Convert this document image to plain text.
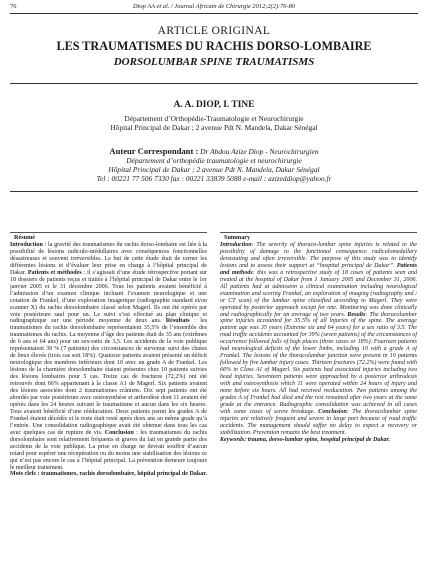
76	Diop AA et al. / Journal Africain de Chirurgie 2012;2(2):76-80
ARTICLE ORIGINAL
LES TRAUMATISMES DU RACHIS DORSO-LOMBAIRE
DORSOLUMBAR SPINE TRAUMATISMS
A. A. DIOP, I. TINE
Département d’Orthopédie-Traumatologie et Neurochirurgie
Hôpital Principal de Dakar ; 2 avenue Pdt N. Mandela, Dakar Sénégal
Auteur Correspondant : Dr Abdou Azize Diop - Neurochirurgien
Département d’orthopédie traumatologie et neurochirurgie
Hôpital Principal de Dakar ; 2 avenue Pdt N. Mandela, Dakar Sénégal
Tel : 00221 77 506 7330 fax : 00221 33839 5088 e-mail : azizeddiop@yahoo.fr
Résumé

Introduction : la gravité des traumatismes du rachis dorso-lombaire est liée à la possibilité de lésions radiculo-médullaires avec conséquences fonctionnelles désastreuses et souvent irréversibles. Le but de cette étude était de cerner les différentes lésions et d’évaluer leur prise en charge à l’hôpital principal de Dakar. Patients et méthodes : il s’agissait d’une étude rétrospective portant sur 18 dossiers de patients reçus et traités à l’hôpital principal de Dakar entre le 1er janvier 2005 et le 31 décembre 2006. Tous les patients avaient bénéficié à l’admission d’un examen clinique incluant l’examen neurologique et une cotation de Frankel, d’une exploration imagerique (radiographie standard et/ou scanner X) du rachis dorsolombaire classé selon Magerl. Ils ont été opérés par voie postérieure sauf pour un. Le suivi s’est effectué au plan clinique et radiographique sur une période moyenne de deux ans. Résultats : les traumatismes du rachis dorsolombaire représentaient 35,5% de l’ensemble des traumatismes du rachis. La moyenne d’âge des patients était de 35 ans (extrêmes de 6 ans et 64 ans) pour un sex-ratio de 3,5. Les accidents de la voie publique représentaient 39 % (7 patients) des circonstances de survenue suivi des chutes de lieux élevés (trois cas soit 18%). Quatorze patients avaient présenté un déficit neurologique des membres inférieurs dont 10 avec un grade A de Frankel. Les lésions de la charnière dorsolombaire étaient présentes chez 10 patients suivies des lésions lombaires pour 5 cas. Treize cas de fractures (72,2%) ont été retrouvés dont 66% appartenant à la classe A1 de Magerl. Six patients avaient des lésions associées dont 2 traumatismes crâniens. Dix sept patients ont été abordés par voie postérieure avec ostéosynthèse et arthrodèse dont 11 avaient été opérés dans les 24 heures suivant le traumatisme et aucun dans les six heures. Tous avaient bénéficié d’une rééducation. Deux patients parmi les grades A de Frankel étaient décédés et le reste était resté après deux ans au même grade qu’à l’entrée. Une consolidation radiographique avait été obtenue dans tous les cas avec quelques cas de rupture de vis. Conclusion : les traumatismes du rachis dorsolombaire sont relativement fréquents et graves du fait en grande partie des accidents de la voie publique. La prise en charge ne devrait souffrir d’aucun retard pour espérer une récupération ou du moins une stabilisation des lésions ce qui n’est pas encore le cas à l’hôpital principal. La prévention demeure toujours le meilleur traitement.
Mots clefs : traumatismes, rachis dorsolombaire, hôpital principal de Dakar.

Summary

Introduction: The severity of thoraco-lumbar spine injuries is related to the possibility of damage to the functional consequence radiculomedullary devastating and often irreversible. The purpose of this study was to identify lesions and to assess their support at “hospital principal de Dakar”. Patients and methods: this was a retrospective study of 18 cases of patients seen and treated at the hospital of Dakar from 1 January 2005 and December 31, 2006. All patients had at admission a clinical examination including neurological examination and scoring Frankel, an exploration of imaging (radiography and / or CT scan) of the lumbar spine classified according to Magerl. They were operated by posterior approach except for one. Monitoring was done clinically and radiographically for an average of two years. Results: The thoracolumbar spine injuries accounted for 35.5% of all injuries of the spine. The average patient age was 35 years (Extreme six and 64 years) for a sex ratio of 3.5. The road traffic accidents accounted for 39% (seven patients) of the circumstances of occurrence followed falls of high places (three cases or 18%). Fourteen patients had neurological deficits of the lower limbs, including 10 with a grade A of Frankel. The lesions of the thoracolumbar junction were present in 10 patients followed by five lumbar injury cases. Thirteen fractures (72.2%) were found with 66% in Class A1 of Magerl. Six patients had associated injuries including two head injuries. Seventeen patients were approached by a posterior arthrodesis with and osteosynthesis which 11 were operated within 24 hours of injury and none before six hours. All had received reeducation. Two patients among the grades A of Frankel had died and the rest remained after two years at the same grade at the entrance. Radiographic consolidation was achieved in all cases with some cases of screw breakage. Conclusion: The thoracolumbar spine injuries are relatively frequent and severe in large part because of road traffic accidents. The management should suffer no delay to expect a recovery or stabilization. Prevention remains the best treatment.
Keywords: trauma, dorso-lumbar spine, hospital principal de Dakar.
